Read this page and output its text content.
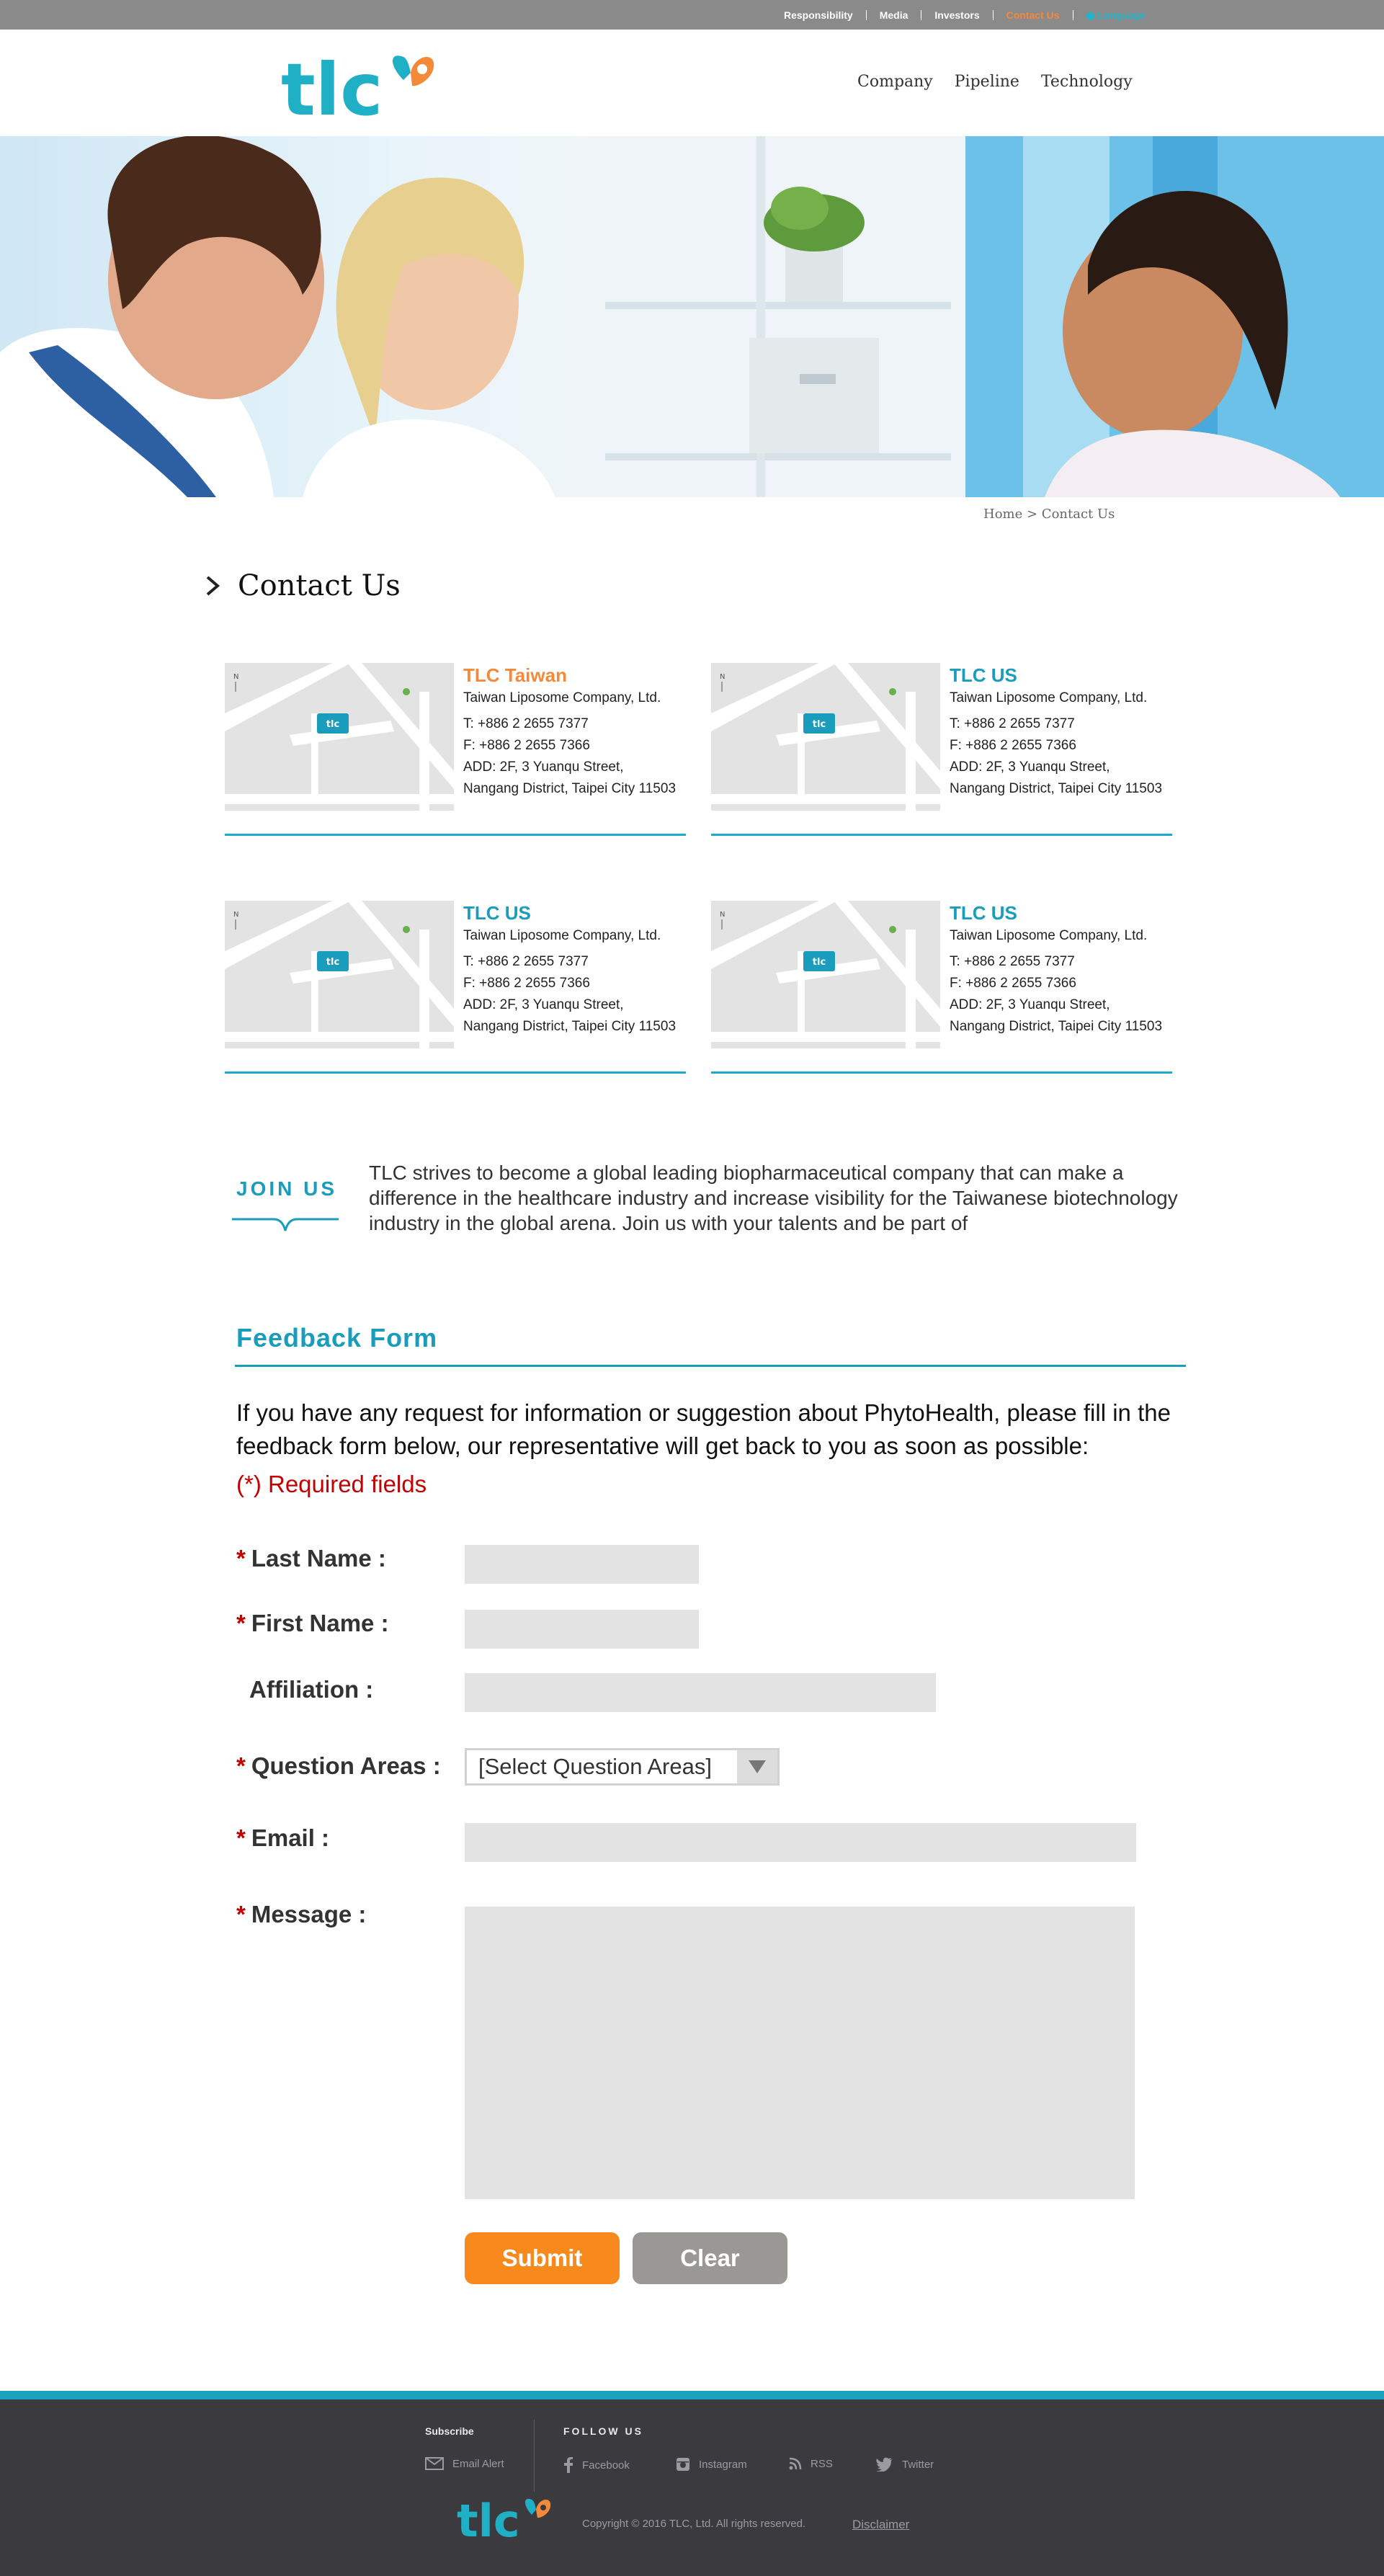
Responsibility	Media	Investors	Contact Us	◍ Language
tlc	Company Pipeline Technology
Home > Contact Us
Contact Us
tlc
N	TLC Taiwan
Taiwan Liposome Company, Ltd.
T: +886 2 2655 7377
F: +886 2 2655 7366
ADD: 2F, 3 Yuanqu Street,
Nangang District, Taipei City 11503
tlc
N	TLC US
Taiwan Liposome Company, Ltd.
T: +886 2 2655 7377
F: +886 2 2655 7366
ADD: 2F, 3 Yuanqu Street,
Nangang District, Taipei City 11503
tlc
N	TLC US
Taiwan Liposome Company, Ltd.
T: +886 2 2655 7377
F: +886 2 2655 7366
ADD: 2F, 3 Yuanqu Street,
Nangang District, Taipei City 11503
tlc
N	TLC US
Taiwan Liposome Company, Ltd.
T: +886 2 2655 7377
F: +886 2 2655 7366
ADD: 2F, 3 Yuanqu Street,
Nangang District, Taipei City 11503
JOIN US
TLC strives to become a global leading biopharmaceutical company that can make a difference in the healthcare industry and increase visibility for the Taiwanese biotechnology industry in the global arena. Join us with your talents and be part of
Feedback Form
If you have any request for information or suggestion about PhytoHealth, please fill in the feedback form below, our representative will get back to you as soon as possible:
(*) Required fields
* Last Name :
* First Name :
Affiliation :
* Question Areas :	[Select Question Areas]
* Email :
* Message :
Submit	Clear
Subscribe
Email Alert
FOLLOW US
Facebook	Instagram	RSS	Twitter
tlc	Copyright © 2016 TLC, Ltd. All rights reserved.	Disclaimer
